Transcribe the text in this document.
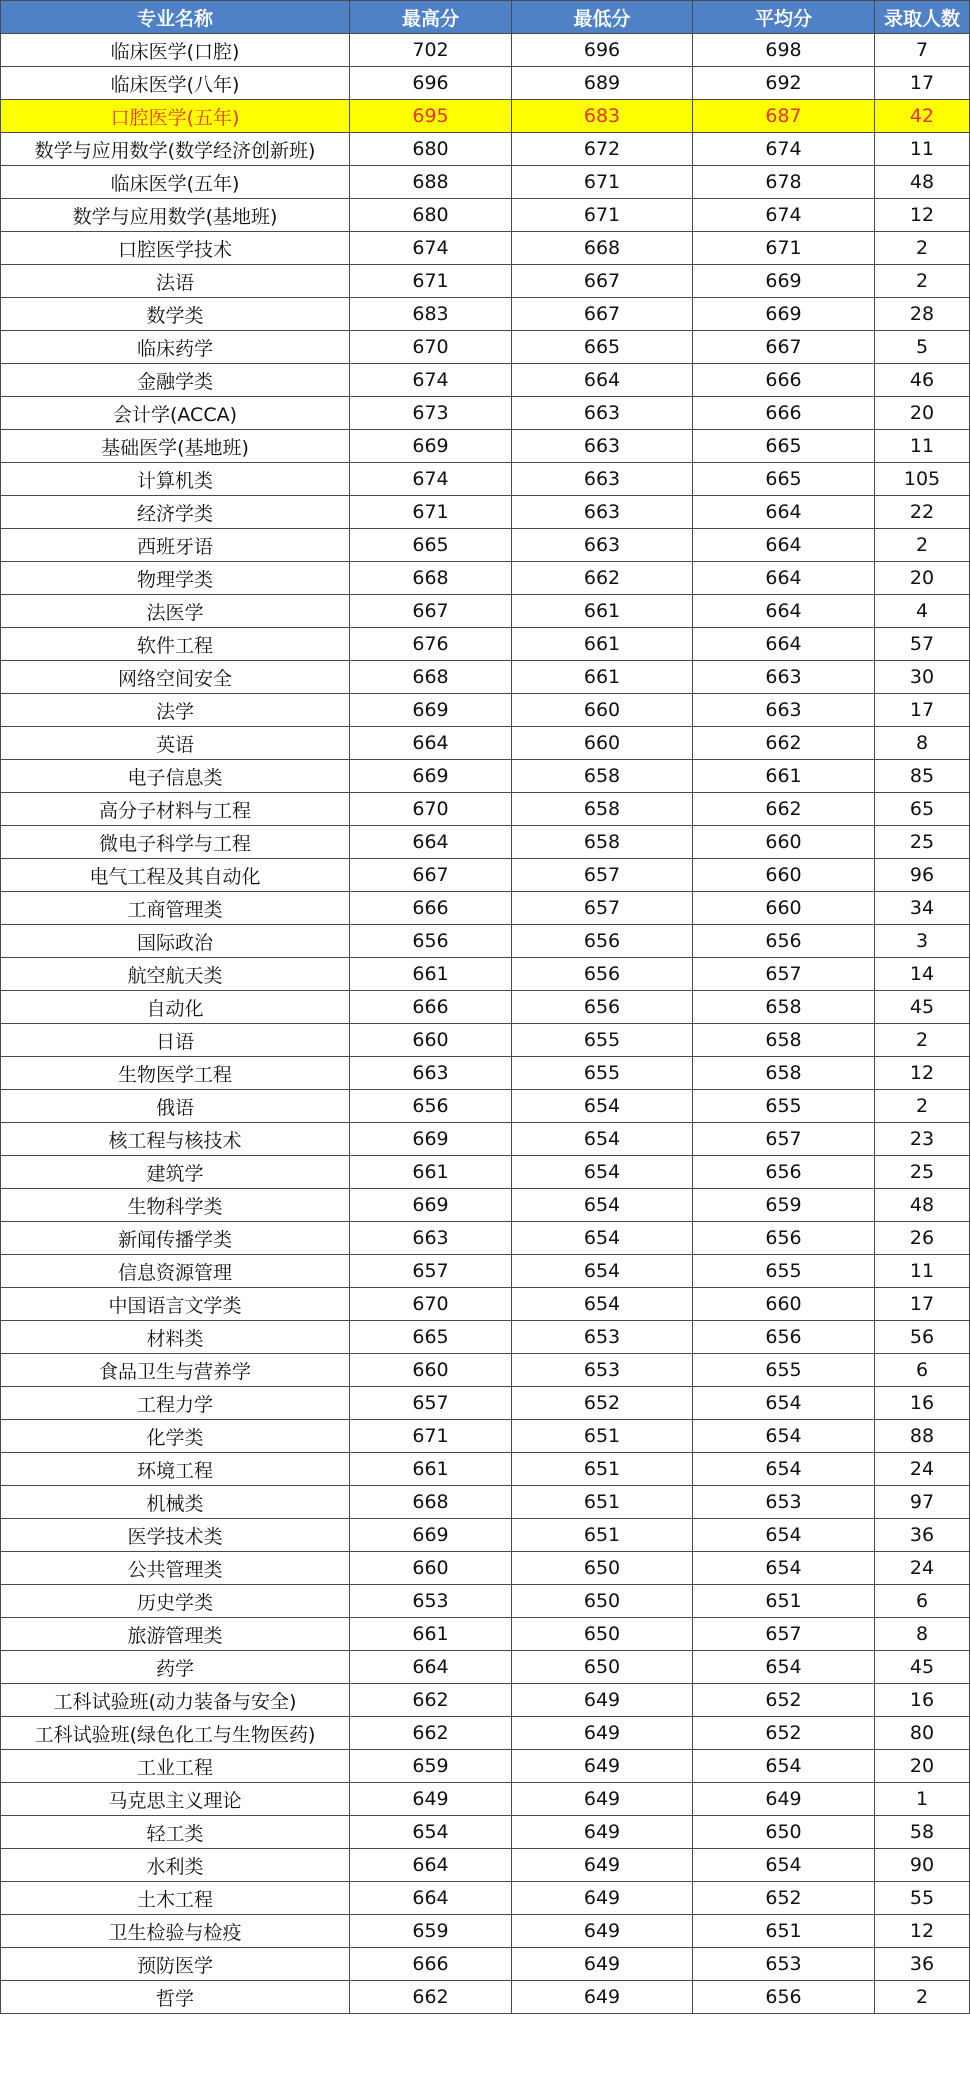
专业名称	最高分	最低分	平均分	录取人数
临床医学(口腔)	702	696	698	7
临床医学(八年)	696	689	692	17
口腔医学(五年)	695	683	687	42
数学与应用数学(数学经济创新班)	680	672	674	11
临床医学(五年)	688	671	678	48
数学与应用数学(基地班)	680	671	674	12
口腔医学技术	674	668	671	2
法语	671	667	669	2
数学类	683	667	669	28
临床药学	670	665	667	5
金融学类	674	664	666	46
会计学(ACCA)	673	663	666	20
基础医学(基地班)	669	663	665	11
计算机类	674	663	665	105
经济学类	671	663	664	22
西班牙语	665	663	664	2
物理学类	668	662	664	20
法医学	667	661	664	4
软件工程	676	661	664	57
网络空间安全	668	661	663	30
法学	669	660	663	17
英语	664	660	662	8
电子信息类	669	658	661	85
高分子材料与工程	670	658	662	65
微电子科学与工程	664	658	660	25
电气工程及其自动化	667	657	660	96
工商管理类	666	657	660	34
国际政治	656	656	656	3
航空航天类	661	656	657	14
自动化	666	656	658	45
日语	660	655	658	2
生物医学工程	663	655	658	12
俄语	656	654	655	2
核工程与核技术	669	654	657	23
建筑学	661	654	656	25
生物科学类	669	654	659	48
新闻传播学类	663	654	656	26
信息资源管理	657	654	655	11
中国语言文学类	670	654	660	17
材料类	665	653	656	56
食品卫生与营养学	660	653	655	6
工程力学	657	652	654	16
化学类	671	651	654	88
环境工程	661	651	654	24
机械类	668	651	653	97
医学技术类	669	651	654	36
公共管理类	660	650	654	24
历史学类	653	650	651	6
旅游管理类	661	650	657	8
药学	664	650	654	45
工科试验班(动力装备与安全)	662	649	652	16
工科试验班(绿色化工与生物医药)	662	649	652	80
工业工程	659	649	654	20
马克思主义理论	649	649	649	1
轻工类	654	649	650	58
水利类	664	649	654	90
土木工程	664	649	652	55
卫生检验与检疫	659	649	651	12
预防医学	666	649	653	36
哲学	662	649	656	2
